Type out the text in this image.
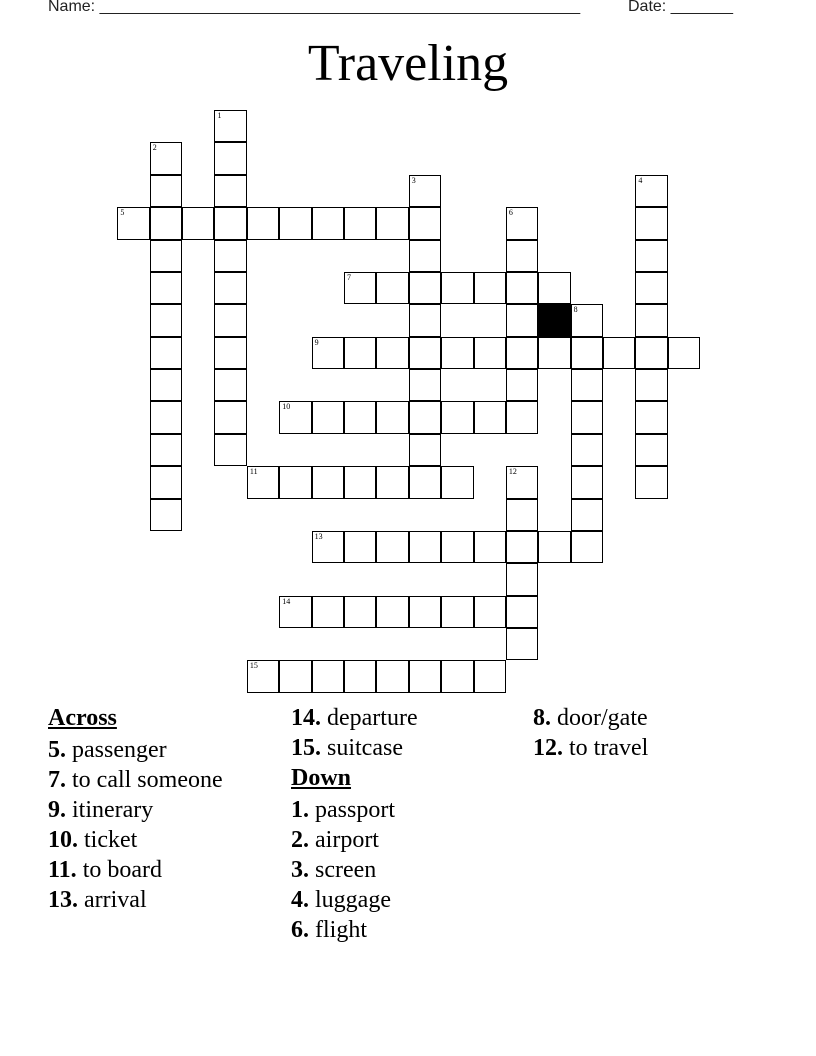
Name: ______________________________________________________	Date: _______
Traveling
1
2
3	4
5	6
7
8
9
10
11	12
13
14
15
Across
5. passenger
7. to call someone
9. itinerary
10. ticket
11. to board
13. arrival
14. departure
15. suitcase
Down
1. passport
2. airport
3. screen
4. luggage
6. flight
8. door/gate
12. to travel
